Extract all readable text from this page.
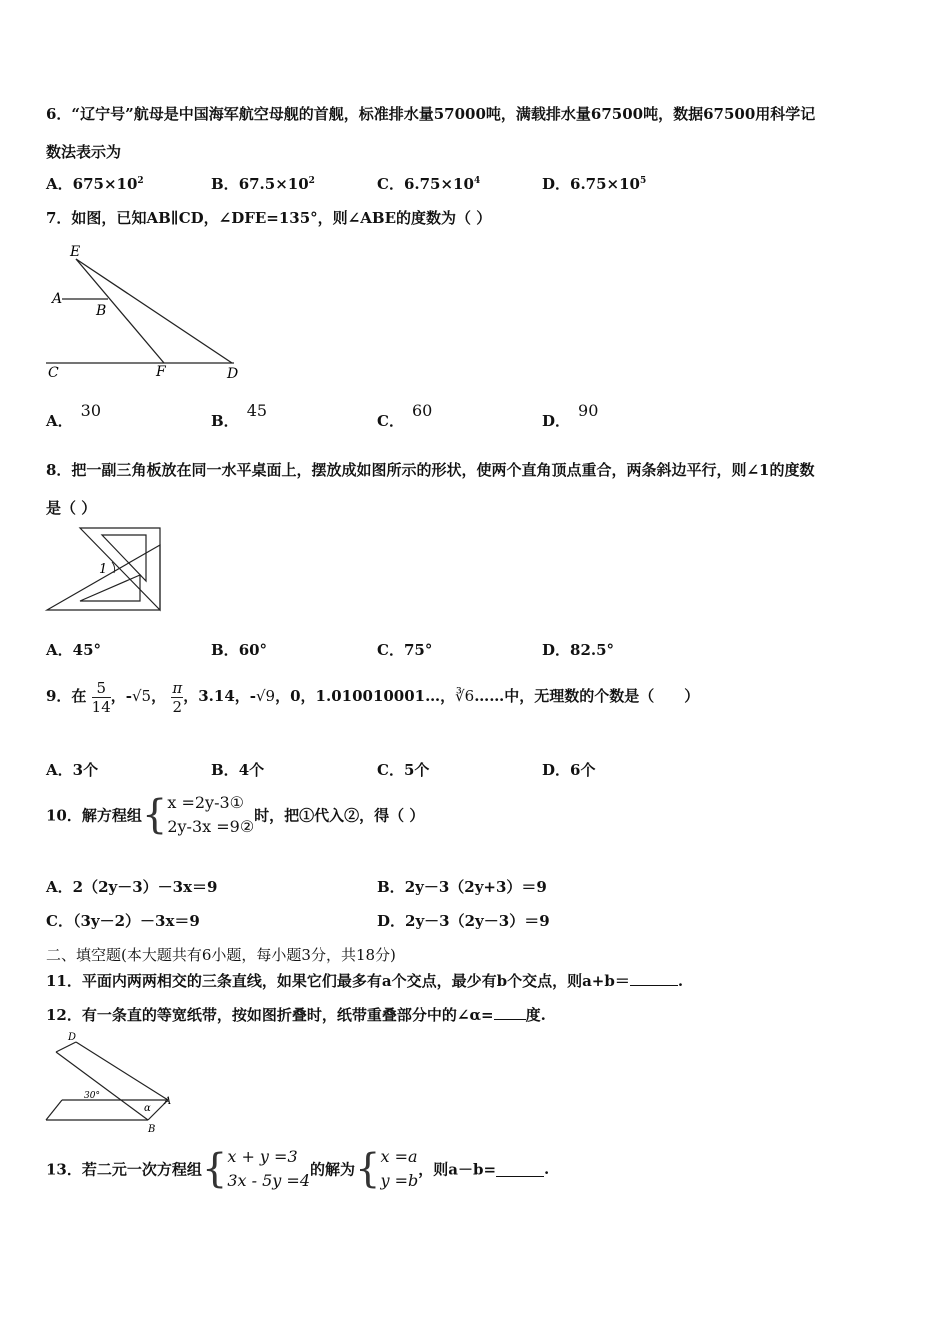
6．“辽宁号”航母是中国海军航空母舰的首舰，标准排水量57000吨，满载排水量67500吨，数据67500用科学记
数法表示为
A．$675\times 10^2$	B．$67.5\times 10^2$	C．$6.75\times 10^4$	D．$6.75\times 10^5$
7．如图，已知AB∥CD，∠DFE=135°，则∠ABE的度数为（ ）
E
A
B
C	F	D
A．30
B．45
C．60
D．90
8．把一副三角板放在同一水平桌面上，摆放成如图所示的形状，使两个直角顶点重合，两条斜边平行，则∠1的度数
是（ ）
1
A．45°	B．60°	C．75°	D．82.5°
9．在 $\frac{5}{14}$ ，-√5， $\frac{\pi}{2}$ ，3.14，-√9，0，1.010010001…，∛6……中，无理数的个数是（　　）
A．3个	B．4个	C．5个	D．6个
10．解方程组{ x =2y-3①
2y-3x =9②
时，把①代入②，得（ ）
A．2（2y－3）－3x＝9	B．2y－3（2y+3）＝9
C．（3y－2）－3x＝9	D．2y－3（2y－3）＝9
二、填空题(本大题共有6小题，每小题3分，共18分)
11．平面内两两相交的三条直线，如果它们最多有a个交点，最少有b个交点，则a+b＝	.
12．有一条直的等宽纸带，按如图折叠时，纸带重叠部分中的∠α= 度.
D
30°
α
A
B
13．若二元一次方程组{ x + y =3
3x - 5y =4
的解为{ x =a
y =b
，则a－b=	.
